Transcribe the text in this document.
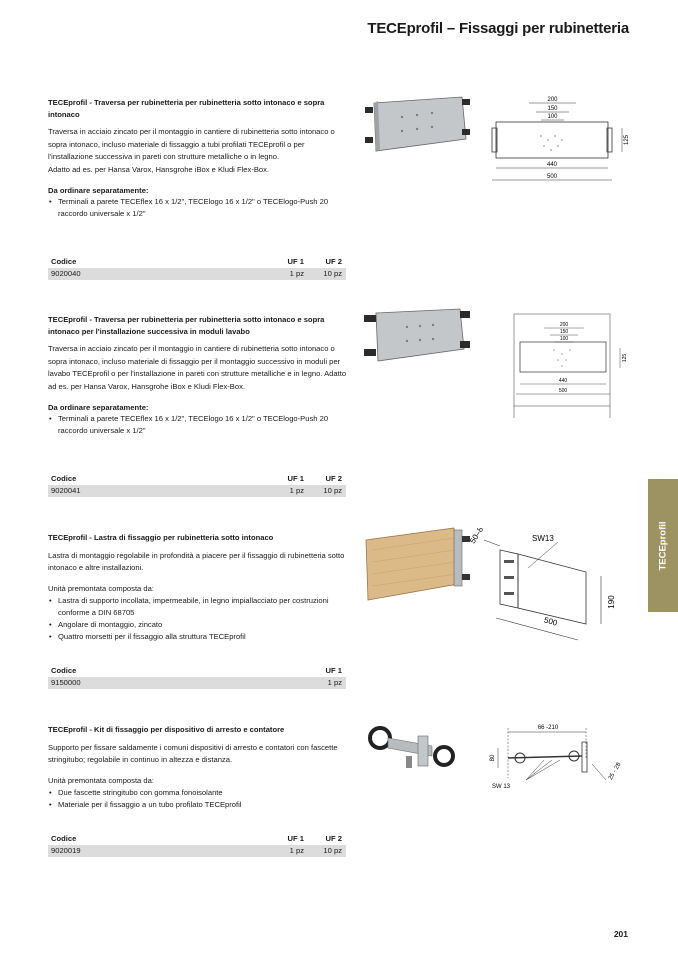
TECEprofil – Fissaggi per rubinetteria
TECEprofil
TECEprofil - Traversa per rubinetteria per rubinetteria sotto intonaco e sopra intonaco
Traversa in acciaio zincato per il montaggio in cantiere di rubinetteria sotto intonaco o sopra intonaco, incluso materiale di fissaggio a tubi profilati TECEprofil o per l'installazione successiva in pareti con strutture metalliche o in legno.
Adatto ad es. per Hansa Varox, Hansgrohe iBox e Kludi Flex-Box.
Da ordinare separatamente:
• Terminali a parete TECEflex 16 x 1/2", TECElogo 16 x 1/2" o TECElogo-Push 20 raccordo universale x 1/2"
Codice	UF 1	UF 2
9020040	1 pz	10 pz
200
150
100
440
500
125
TECEprofil - Traversa per rubinetteria per rubinetteria sotto intonaco e sopra intonaco per l'installazione successiva in moduli lavabo
Traversa in acciaio zincato per il montaggio in cantiere di rubinetteria sotto intonaco o sopra intonaco, incluso materiale di fissaggio per il montaggio successivo in moduli per lavabo TECEprofil o per l'installazione in pareti con strutture metalliche e in legno. Adatto ad es. per Hansa Varox, Hansgrohe iBox e Kludi Flex-Box.
Da ordinare separatamente:
• Terminali a parete TECEflex 16 x 1/2", TECElogo 16 x 1/2" o TECElogo-Push 20 raccordo universale x 1/2"
Codice	UF 1	UF 2
9020041	1 pz	10 pz
200
150
100
440
500
125
TECEprofil - Lastra di fissaggio per rubinetteria sotto intonaco
Lastra di montaggio regolabile in profondità a piacere per il fissaggio di rubinetteria sotto intonaco e altre installazioni.
Unità premontata composta da:
• Lastra di supporto incollata, impermeabile, in legno impiallacciato per costruzioni conforme a DIN 68705
• Angolare di montaggio, zincato
• Quattro morsetti per il fissaggio alla struttura TECEprofil
Codice	UF 1
9150000	1 pz
50–80	SW13
190
500
TECEprofil - Kit di fissaggio per dispositivo di arresto e contatore
Supporto per fissare saldamente i comuni dispositivi di arresto e contatori con fascette stringitubo; regolabile in continuo in altezza e distanza.
Unità premontata composta da:
• Due fascette stringitubo con gomma fonoisolante
• Materiale per il fissaggio a un tubo profilato TECEprofil
Codice	UF 1	UF 2
9020019	1 pz	10 pz
66 -210
80
SW 13
25 - 28
201
